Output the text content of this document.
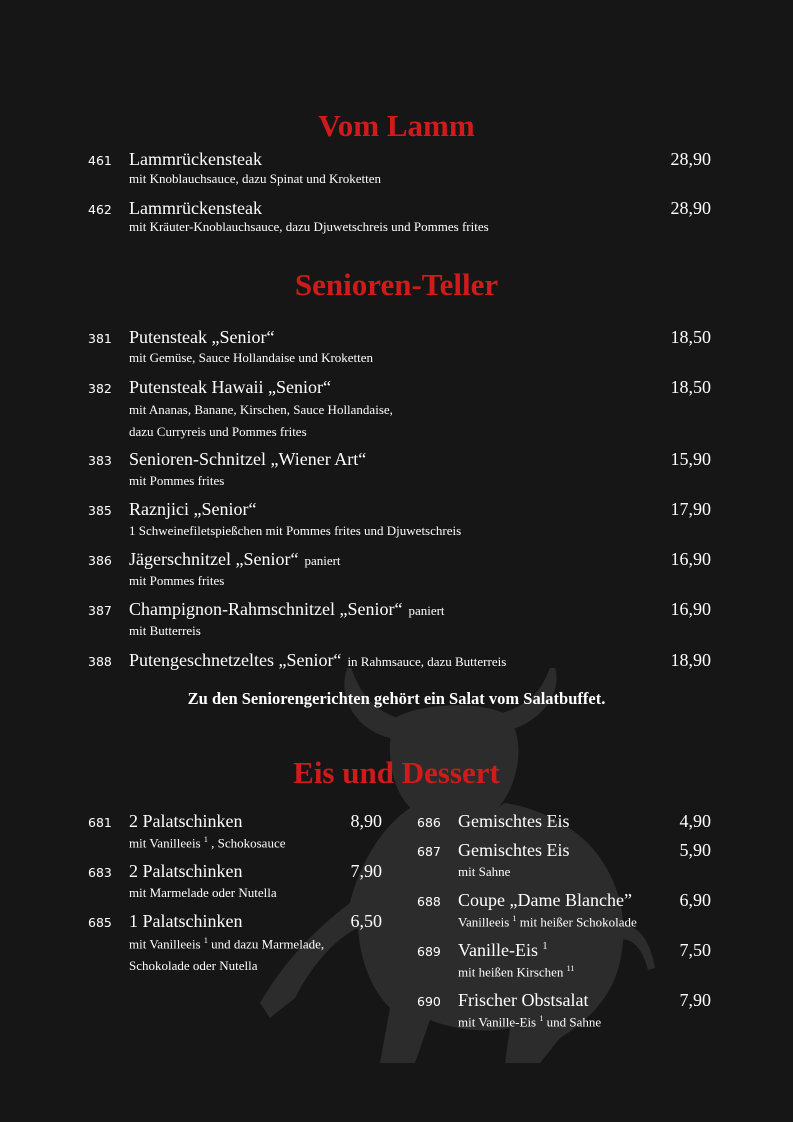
Vom Lamm
461 Lammrückensteak	28,90
mit Knoblauchsauce, dazu Spinat und Kroketten
462 Lammrückensteak	28,90
mit Kräuter-Knoblauchsauce, dazu Djuwetschreis und Pommes frites
Senioren-Teller
381 Putensteak „Senior“	18,50
mit Gemüse, Sauce Hollandaise und Kroketten
382 Putensteak Hawaii „Senior“	18,50
mit Ananas, Banane, Kirschen, Sauce Hollandaise,
dazu Curryreis und Pommes frites
383 Senioren-Schnitzel „Wiener Art“	15,90
mit Pommes frites
385 Raznjici „Senior“	17,90
1 Schweinefiletspießchen mit Pommes frites und Djuwetschreis
386 Jägerschnitzel „Senior“ paniert	16,90
mit Pommes frites
387 Champignon-Rahmschnitzel „Senior“ paniert	16,90
mit Butterreis
388 Putengeschnetzeltes „Senior“ in Rahmsauce, dazu Butterreis	18,90
Zu den Seniorengerichten gehört ein Salat vom Salatbuffet.
Eis und Dessert
681 2 Palatschinken	8,90
mit Vanilleeis $^1$ , Schokosauce
683 2 Palatschinken	7,90
mit Marmelade oder Nutella
685 1 Palatschinken	6,50
mit Vanilleeis $^1$ und dazu Marmelade,
Schokolade oder Nutella
686 Gemischtes Eis	4,90
687 Gemischtes Eis	5,90
mit Sahne
688 Coupe „Dame Blanche”	6,90
Vanilleeis $^1$ mit heißer Schokolade
689 Vanille-Eis $^1$	7,50
mit heißen Kirschen $^{11}$
690 Frischer Obstsalat	7,90
mit Vanille-Eis $^1$ und Sahne
